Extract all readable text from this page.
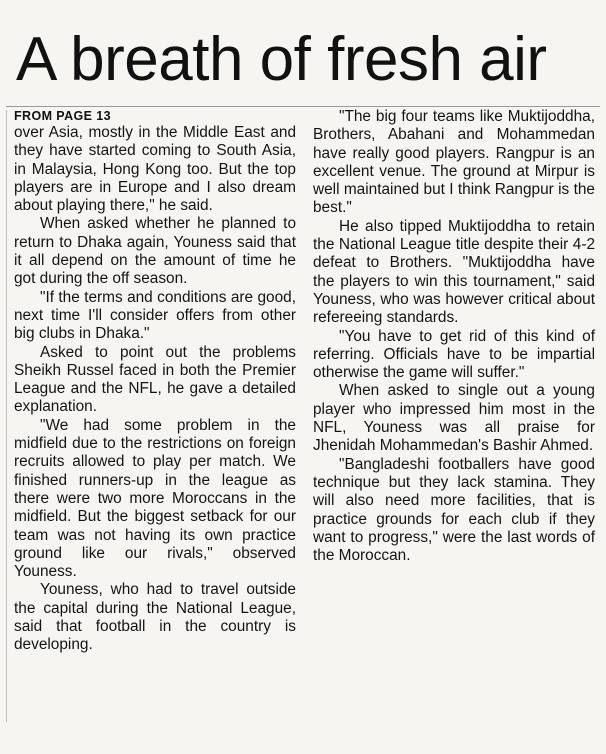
A breath of fresh air
FROM PAGE 13

over Asia, mostly in the Middle East and they have started coming to South Asia, in Malaysia, Hong Kong too. But the top players are in Europe and I also dream about playing there," he said.

When asked whether he planned to return to Dhaka again, Youness said that it all depend on the amount of time he got during the off season.

"If the terms and conditions are good, next time I'll consider offers from other big clubs in Dhaka."

Asked to point out the problems Sheikh Russel faced in both the Premier League and the NFL, he gave a detailed explanation.

"We had some problem in the midfield due to the restrictions on foreign recruits allowed to play per match. We finished runners-up in the league as there were two more Moroccans in the midfield. But the biggest setback for our team was not having its own practice ground like our rivals," observed Youness.

Youness, who had to travel outside the capital during the National League, said that football in the country is developing.

"The big four teams like Muktijoddha, Brothers, Abahani and Mohammedan have really good players. Rangpur is an excellent venue. The ground at Mirpur is well maintained but I think Rangpur is the best."

He also tipped Muktijoddha to retain the National League title despite their 4-2 defeat to Brothers. "Muktijoddha have the players to win this tournament," said Youness, who was however critical about refereeing standards.

"You have to get rid of this kind of referring. Officials have to be impartial otherwise the game will suffer."

When asked to single out a young player who impressed him most in the NFL, Youness was all praise for Jhenidah Mohammedan's Bashir Ahmed.

"Bangladeshi footballers have good technique but they lack stamina. They will also need more facilities, that is practice grounds for each club if they want to progress," were the last words of the Moroccan.
